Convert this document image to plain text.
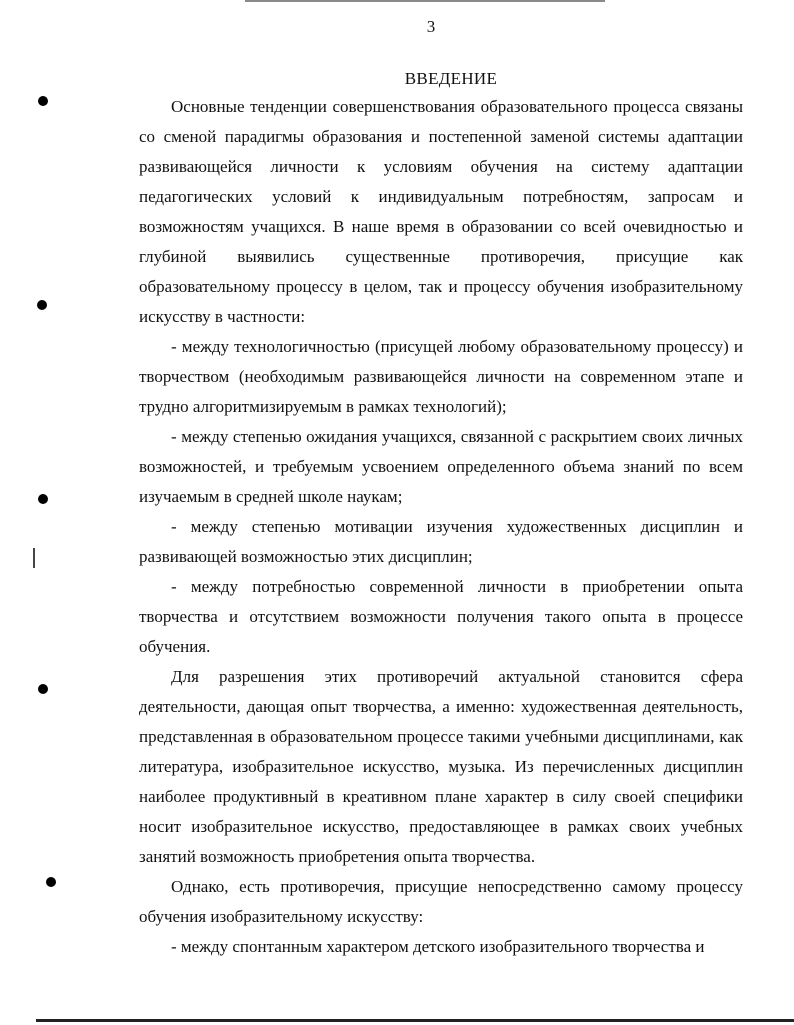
3
ВВЕДЕНИЕ

Основные тенденции совершенствования образовательного процесса связаны со сменой парадигмы образования и постепенной заменой системы адаптации развивающейся личности к условиям обучения на систему адаптации педагогических условий к индивидуальным потребностям, запросам и возможностям учащихся. В наше время в образовании со всей очевидностью и глубиной выявились существенные противоречия, присущие как образовательному процессу в целом, так и процессу обучения изобразительному искусству в частности:

- между технологичностью (присущей любому образовательному процессу) и творчеством (необходимым развивающейся личности на современном этапе и трудно алгоритмизируемым в рамках технологий);

- между степенью ожидания учащихся, связанной с раскрытием своих личных возможностей, и требуемым усвоением определенного объема знаний по всем изучаемым в средней школе наукам;

- между степенью мотивации изучения художественных дисциплин и развивающей возможностью этих дисциплин;

- между потребностью современной личности в приобретении опыта творчества и отсутствием возможности получения такого опыта в процессе обучения.

Для разрешения этих противоречий актуальной становится сфера деятельности, дающая опыт творчества, а именно: художественная деятельность, представленная в образовательном процессе такими учебными дисциплинами, как литература, изобразительное искусство, музыка. Из перечисленных дисциплин наиболее продуктивный в креативном плане характер в силу своей специфики носит изобразительное искусство, предоставляющее в рамках своих учебных занятий возможность приобретения опыта творчества.

Однако, есть противоречия, присущие непосредственно самому процессу обучения изобразительному искусству:

- между спонтанным характером детского изобразительного творчества и
